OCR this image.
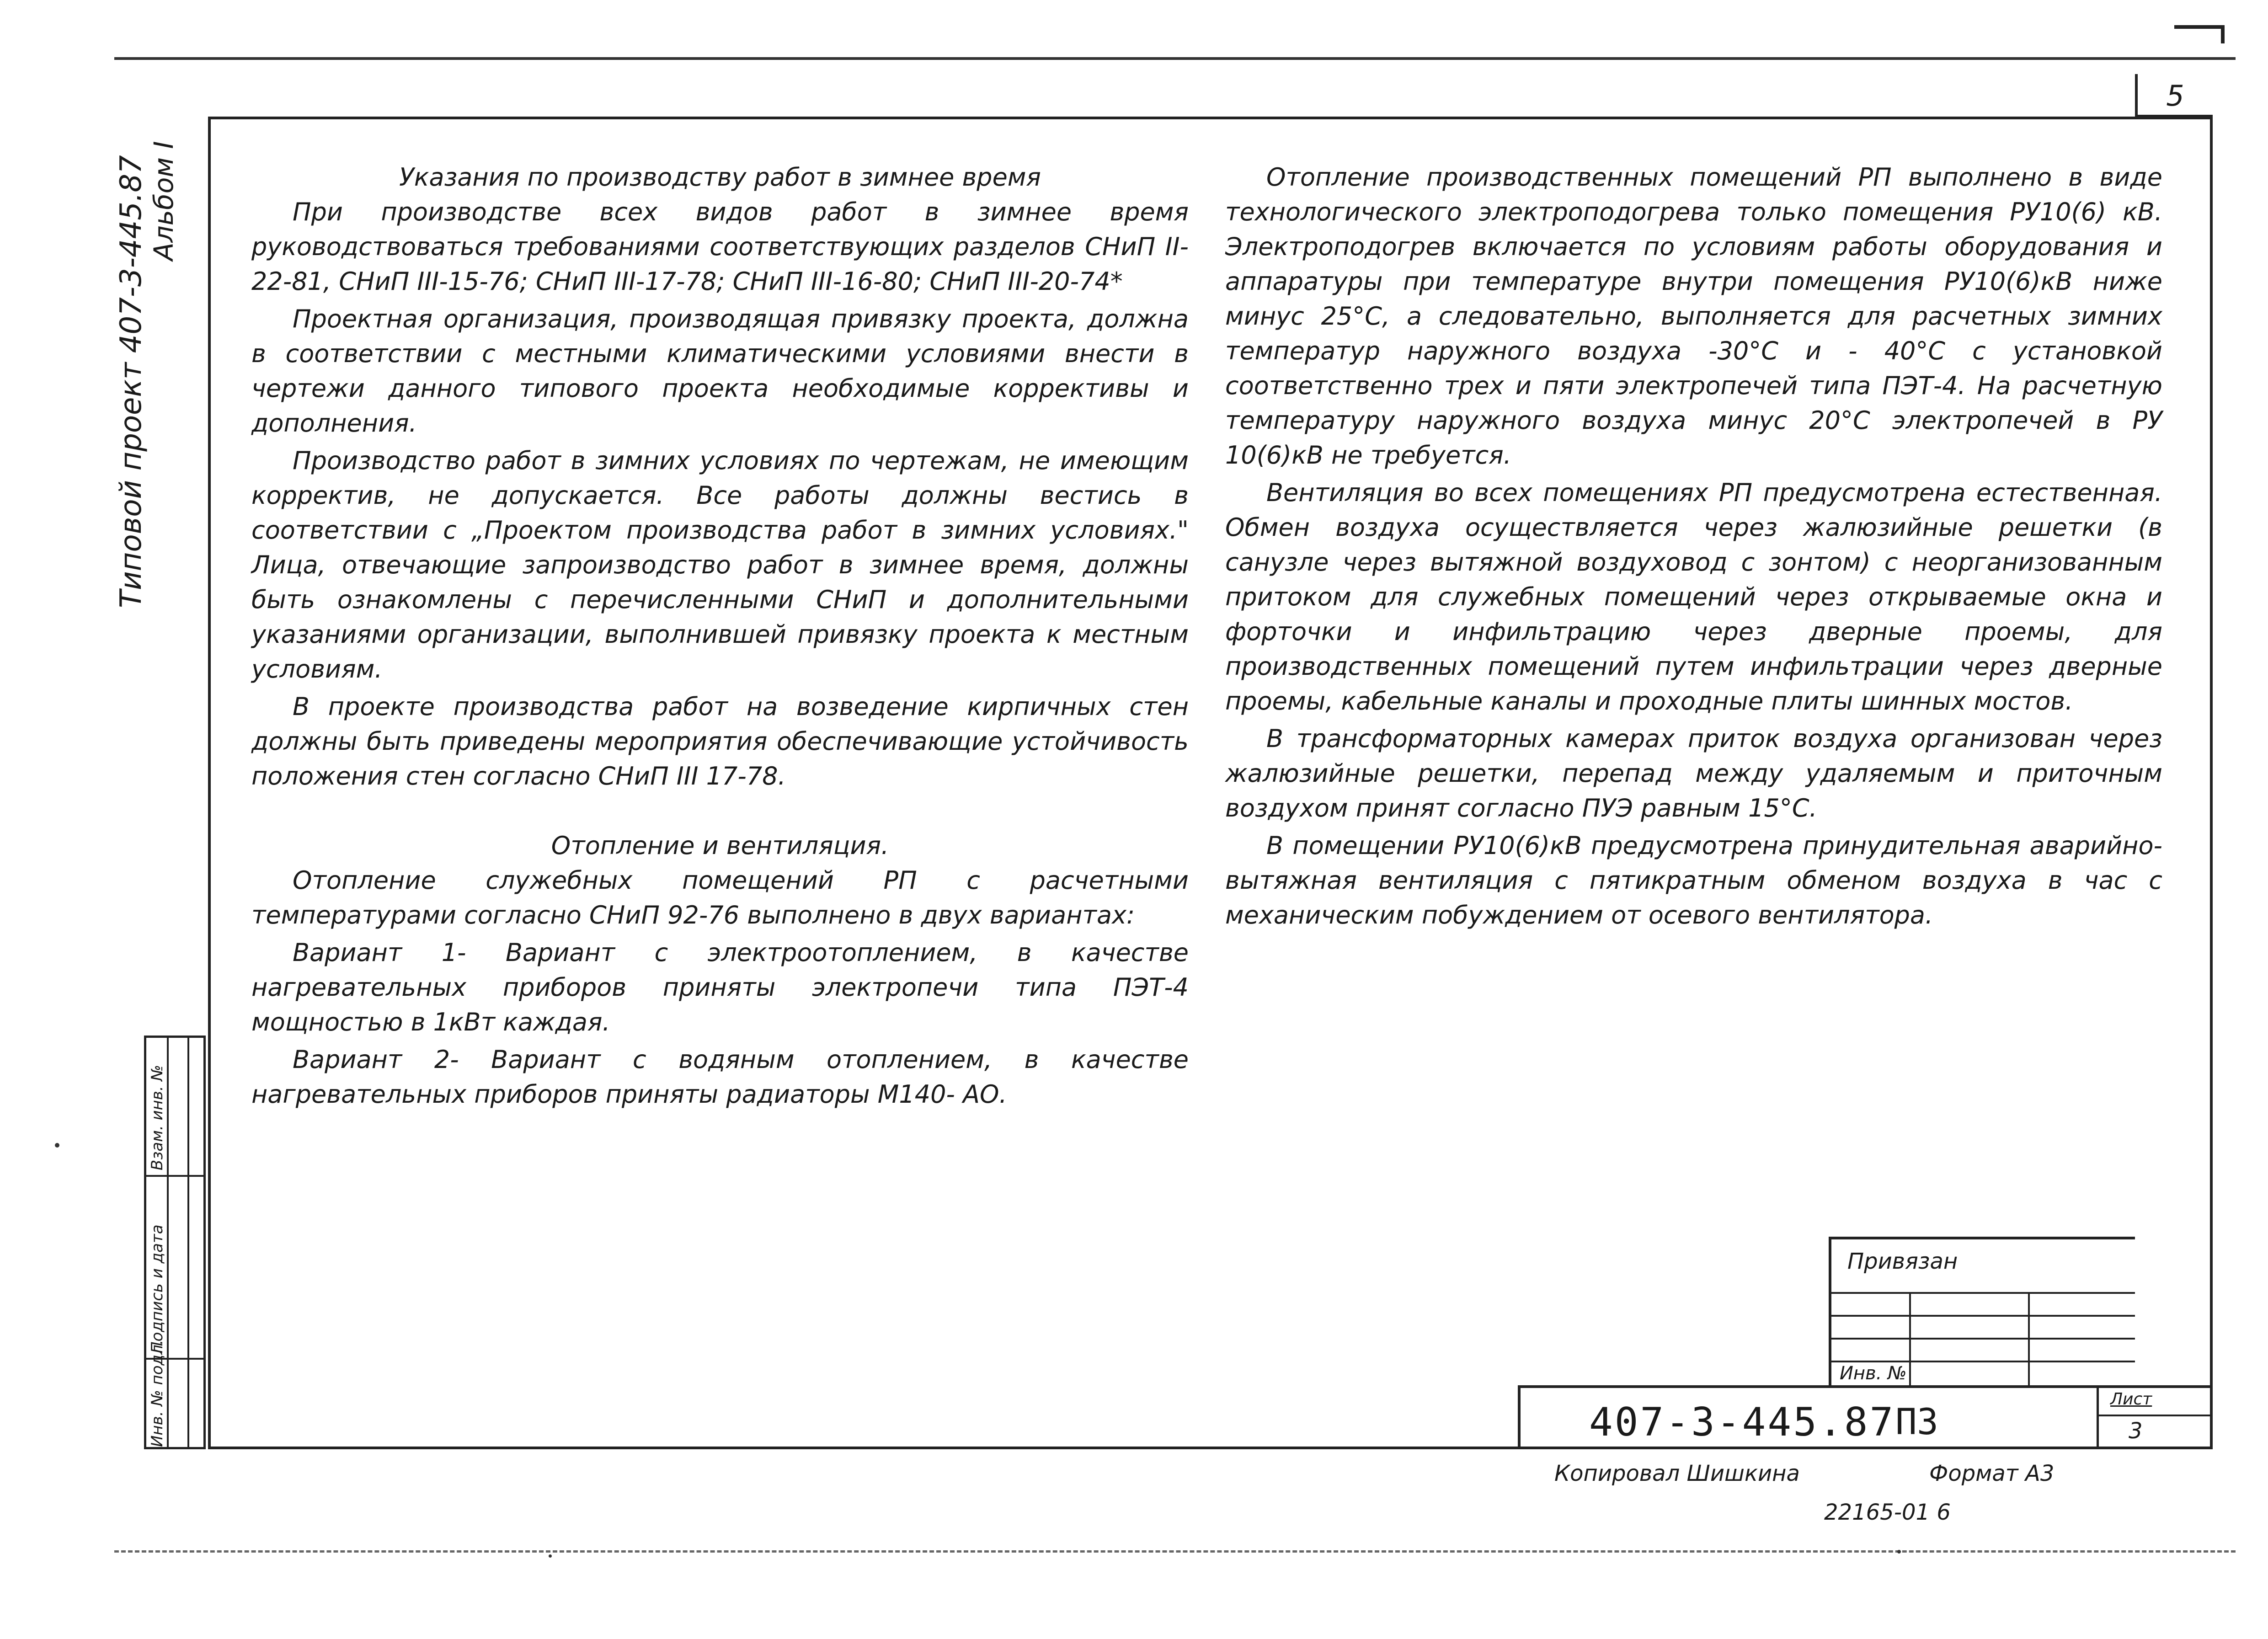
5
Типовой проект 407-3-445.87 Альбом I
Инв. № подл.
Подпись и дата
Взам. инв. №

Указания по производству работ в зимнее время

При производстве всех видов работ в зимнее время руководствоваться требованиями соответствующих разделов СНиП II-22-81, СНиП III-15-76; СНиП III-17-78; СНиП III-16-80; СНиП III-20-74*

Проектная организация, производящая привязку проекта, должна в соответствии с местными климатическими условиями внести в чертежи данного типового проекта необходимые коррективы и дополнения.

Производство работ в зимних условиях по чертежам, не имеющим корректив, не допускается. Все работы должны вестись в соответствии с „Проектом производства работ в зимних условиях." Лица, отвечающие запроизводство работ в зимнее время, должны быть ознакомлены с перечисленными СНиП и дополнительными указаниями организации, выполнившей привязку проекта к местным условиям.

В проекте производства работ на возведение кирпичных стен должны быть приведены мероприятия обеспечивающие устойчивость положения стен согласно СНиП III 17-78.

Отопление и вентиляция.

Отопление служебных помещений РП с расчетными температурами согласно СНиП 92-76 выполнено в двух вариантах:

Вариант 1- Вариант с электроотоплением, в качестве нагревательных приборов приняты электропечи типа ПЭТ-4 мощностью в 1кВт каждая.

Вариант 2- Вариант с водяным отоплением, в качестве нагревательных приборов приняты радиаторы М140- АО.

Отопление производственных помещений РП выполнено в виде технологического электроподогрева только помещения РУ10(6) кВ. Электроподогрев включается по условиям работы оборудования и аппаратуры при температуре внутри помещения РУ10(6)кВ ниже минус 25°С, а следовательно, выполняется для расчетных зимних температур наружного воздуха -30°С и - 40°С с установкой соответственно трех и пяти электропечей типа ПЭТ-4. На расчетную температуру наружного воздуха минус 20°С электропечей в РУ 10(6)кВ не требуется.

Вентиляция во всех помещениях РП предусмотрена естественная. Обмен воздуха осуществляется через жалюзийные решетки (в санузле через вытяжной воздуховод с зонтом) с неорганизованным притоком для служебных помещений через открываемые окна и форточки и инфильтрацию через дверные проемы, для производственных помещений путем инфильтрации через дверные проемы, кабельные каналы и проходные плиты шинных мостов.

В трансформаторных камерах приток воздуха организован через жалюзийные решетки, перепад между удаляемым и приточным воздухом принят согласно ПУЭ равным 15°С.

В помещении РУ10(6)кВ предусмотрена принудительная аварийно-вытяжная вентиляция с пятикратным обменом воздуха в час с механическим побуждением от осевого вентилятора.

Привязан
Инв. №
407-3-445.87 ПЗ
Лист
3
Копировал Шишкина	Формат А3
22165-01 6
